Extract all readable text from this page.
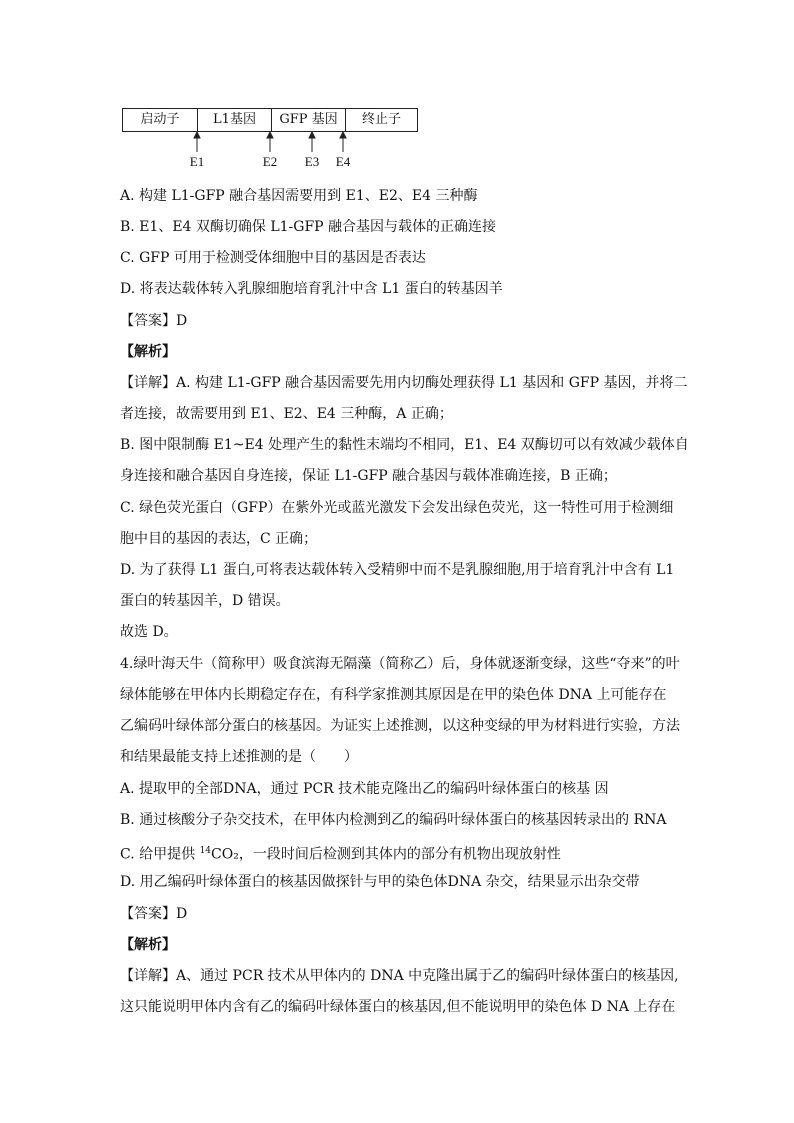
启动子	L1基因	GFP 基因	终止子
E1	E2 E3 E4
A. 构建 L1-GFP 融合基因需要用到 E1、E2、E4 三种酶
B. E1、E4 双酶切确保 L1-GFP 融合基因与载体的正确连接
C. GFP 可用于检测受体细胞中目的基因是否表达
D. 将表达载体转入乳腺细胞培育乳汁中含 L1 蛋白的转基因羊
【答案】D
【解析】
【详解】A. 构建 L1-GFP 融合基因需要先用内切酶处理获得 L1 基因和 GFP 基因，并将二
者连接，故需要用到 E1、E2、E4 三种酶，A 正确；
B. 图中限制酶 E1~E4 处理产生的黏性末端均不相同，E1、E4 双酶切可以有效减少载体自
身连接和融合基因自身连接，保证 L1-GFP 融合基因与载体准确连接，B 正确；
C. 绿色荧光蛋白（GFP）在紫外光或蓝光激发下会发出绿色荧光，这一特性可用于检测细
胞中目的基因的表达，C 正确；
D. 为了获得 L1 蛋白,可将表达载体转入受精卵中而不是乳腺细胞,用于培育乳汁中含有 L1
蛋白的转基因羊，D 错误。
故选 D。
4.绿叶海天牛（简称甲）吸食滨海无隔藻（简称乙）后，身体就逐渐变绿，这些“夺来”的叶
绿体能够在甲体内长期稳定存在，有科学家推测其原因是在甲的染色体 DNA 上可能存在
乙编码叶绿体部分蛋白的核基因。为证实上述推测，以这种变绿的甲为材料进行实验，方法
和结果最能支持上述推测的是（　　）
A. 提取甲的全部DNA，通过 PCR 技术能克隆出乙的编码叶绿体蛋白的核基 因
B. 通过核酸分子杂交技术，在甲体内检测到乙的编码叶绿体蛋白的核基因转录出的 RNA
C. 给甲提供 $^{14}$CO₂，一段时间后检测到其体内的部分有机物出现放射性
D. 用乙编码叶绿体蛋白的核基因做探针与甲的染色体DNA 杂交，结果显示出杂交带
【答案】D
【解析】
【详解】A、通过 PCR 技术从甲体内的 DNA 中克隆出属于乙的编码叶绿体蛋白的核基因,
这只能说明甲体内含有乙的编码叶绿体蛋白的核基因,但不能说明甲的染色体 D NA 上存在
